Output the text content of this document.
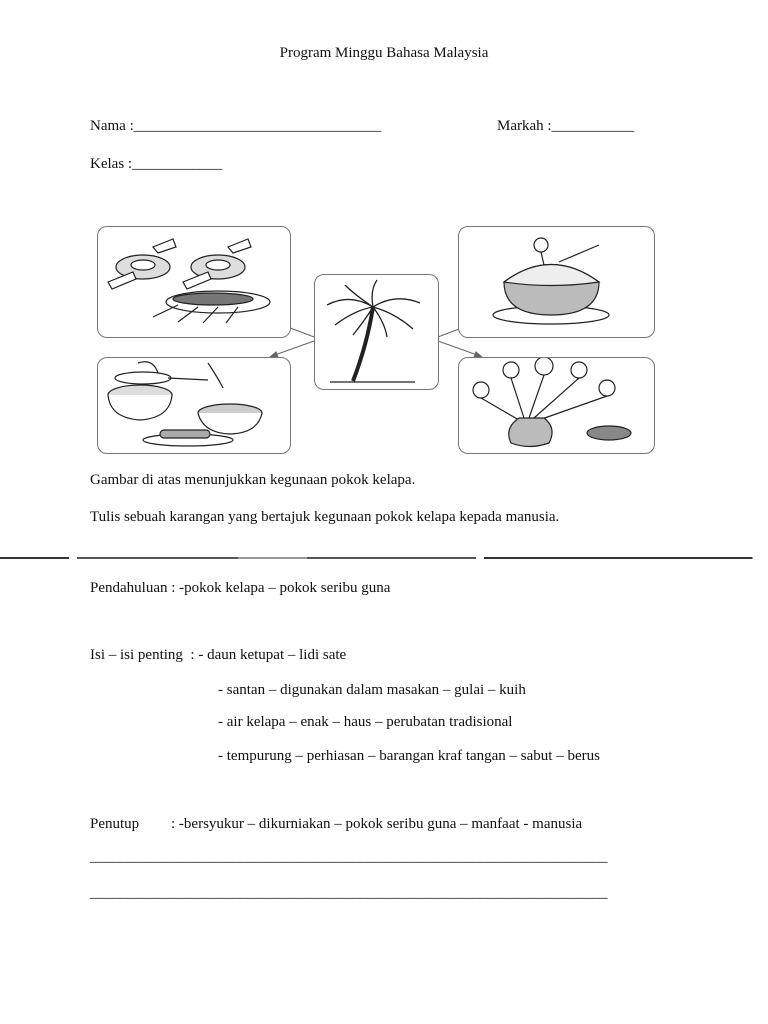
Program Minggu Bahasa Malaysia
Nama :_________________________________	Markah :___________
Kelas :____________
Gambar di atas menunjukkan kegunaan pokok kelapa.
Tulis sebuah karangan yang bertajuk kegunaan pokok kelapa kepada manusia.
Pendahuluan : -pokok kelapa – pokok seribu guna
Isi – isi penting  : - daun ketupat – lidi sate
- santan – digunakan dalam masakan – gulai – kuih
- air kelapa – enak – haus – perubatan tradisional
- tempurung – perhiasan – barangan kraf tangan – sabut – berus
Penutup : -bersyukur – dikurniakan – pokok seribu guna – manfaat - manusia
_____________________________________________________________________
_____________________________________________________________________
